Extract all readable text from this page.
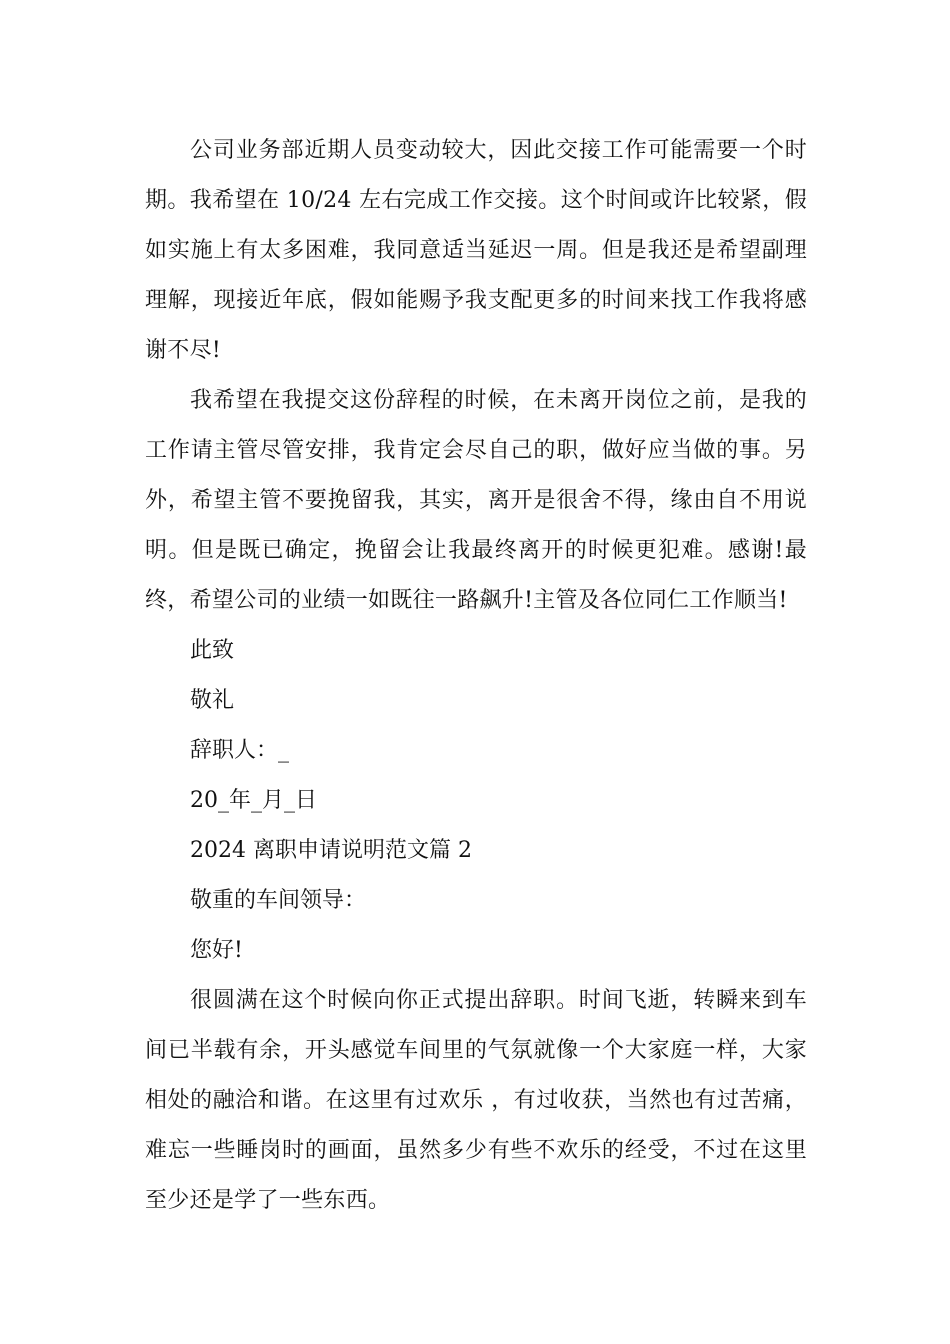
公司业务部近期人员变动较大，因此交接工作可能需要一个时期。我希望在 10/24 左右完成工作交接。这个时间或许比较紧，假如实施上有太多困难，我同意适当延迟一周。但是我还是希望副理理解，现接近年底，假如能赐予我支配更多的时间来找工作我将感谢不尽!

我希望在我提交这份辞程的时候，在未离开岗位之前，是我的工作请主管尽管安排，我肯定会尽自己的职，做好应当做的事。另外，希望主管不要挽留我，其实，离开是很舍不得，缘由自不用说明。但是既已确定，挽留会让我最终离开的时候更犯难。感谢!最终，希望公司的业绩一如既往一路飙升!主管及各位同仁工作顺当!

此致

敬礼

辞职人：_

20_年_月_日

2024 离职申请说明范文篇 2

敬重的车间领导：

您好!

很圆满在这个时候向你正式提出辞职。时间飞逝，转瞬来到车间已半载有余，开头感觉车间里的气氛就像一个大家庭一样，大家相处的融洽和谐。在这里有过欢乐 ，有过收获，当然也有过苦痛，难忘一些睡岗时的画面，虽然多少有些不欢乐的经受，不过在这里至少还是学了一些东西。
